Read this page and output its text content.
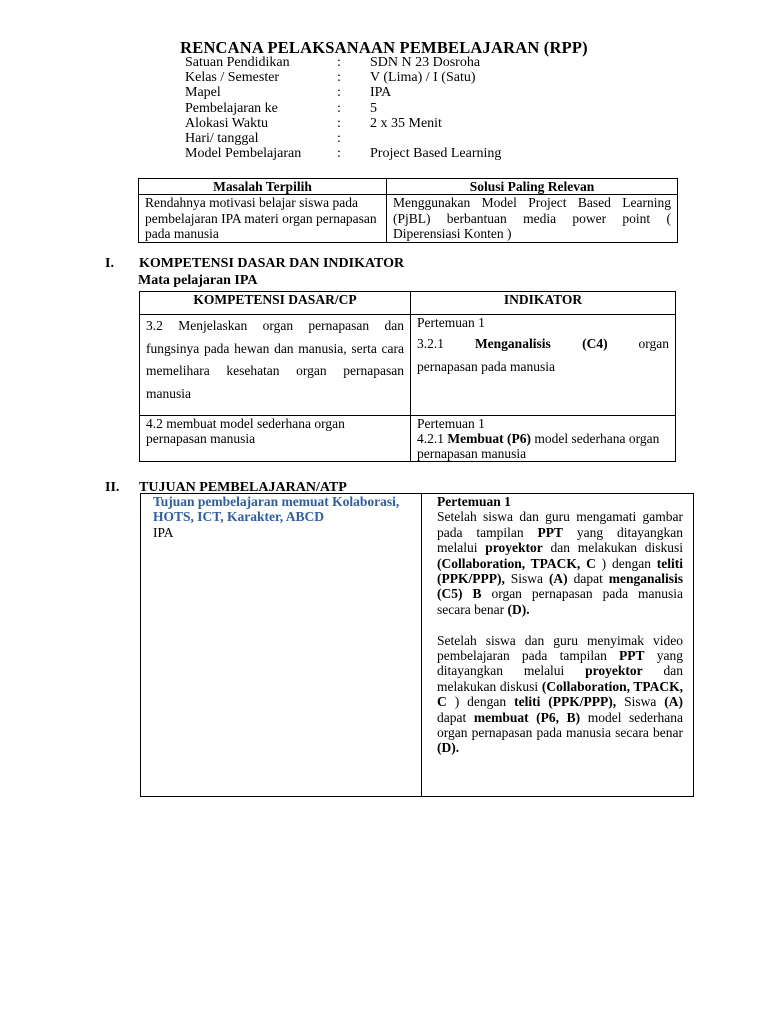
RENCANA PELAKSANAAN PEMBELAJARAN (RPP)
Satuan Pendidikan	: SDN N 23 Dosroha
Kelas / Semester	: V (Lima) / I (Satu)
Mapel	: IPA
Pembelajaran ke	: 5
Alokasi Waktu	: 2 x 35 Menit
Hari/ tanggal	:
Model Pembelajaran	: Project Based Learning
Masalah Terpilih	Solusi Paling Relevan
Rendahnya motivasi belajar siswa pada pembelajaran IPA materi organ pernapasan pada manusia	Menggunakan Model Project Based Learning (PjBL) berbantuan media power point ( Diperensiasi Konten )
I. KOMPETENSI DASAR DAN INDIKATOR
Mata pelajaran IPA
KOMPETENSI DASAR/CP	INDIKATOR
3.2 Menjelaskan organ pernapasan dan fungsinya pada hewan dan manusia, serta cara memelihara kesehatan organ pernapasan manusia	Pertemuan 1
3.2.1 Menganalisis (C4) organ
pernapasan pada manusia

4.2 membuat model sederhana organ pernapasan manusia	Pertemuan 1
4.2.1 Membuat (P6) model sederhana organ pernapasan manusia
II. TUJUAN PEMBELAJARAN/ATP
Tujuan pembelajaran memuat Kolaborasi, HOTS, ICT, Karakter, ABCD
IPA

Pertemuan 1
Setelah siswa dan guru mengamati gambar pada tampilan PPT yang ditayangkan melalui proyektor dan melakukan diskusi (Collaboration, TPACK, C ) dengan teliti (PPK/PPP), Siswa (A) dapat menganalisis (C5) B organ pernapasan pada manusia secara benar (D).
Setelah siswa dan guru menyimak video pembelajaran pada tampilan PPT yang ditayangkan melalui proyektor dan melakukan diskusi (Collaboration, TPACK, C ) dengan teliti (PPK/PPP), Siswa (A) dapat membuat (P6, B) model sederhana organ pernapasan pada manusia secara benar (D).
